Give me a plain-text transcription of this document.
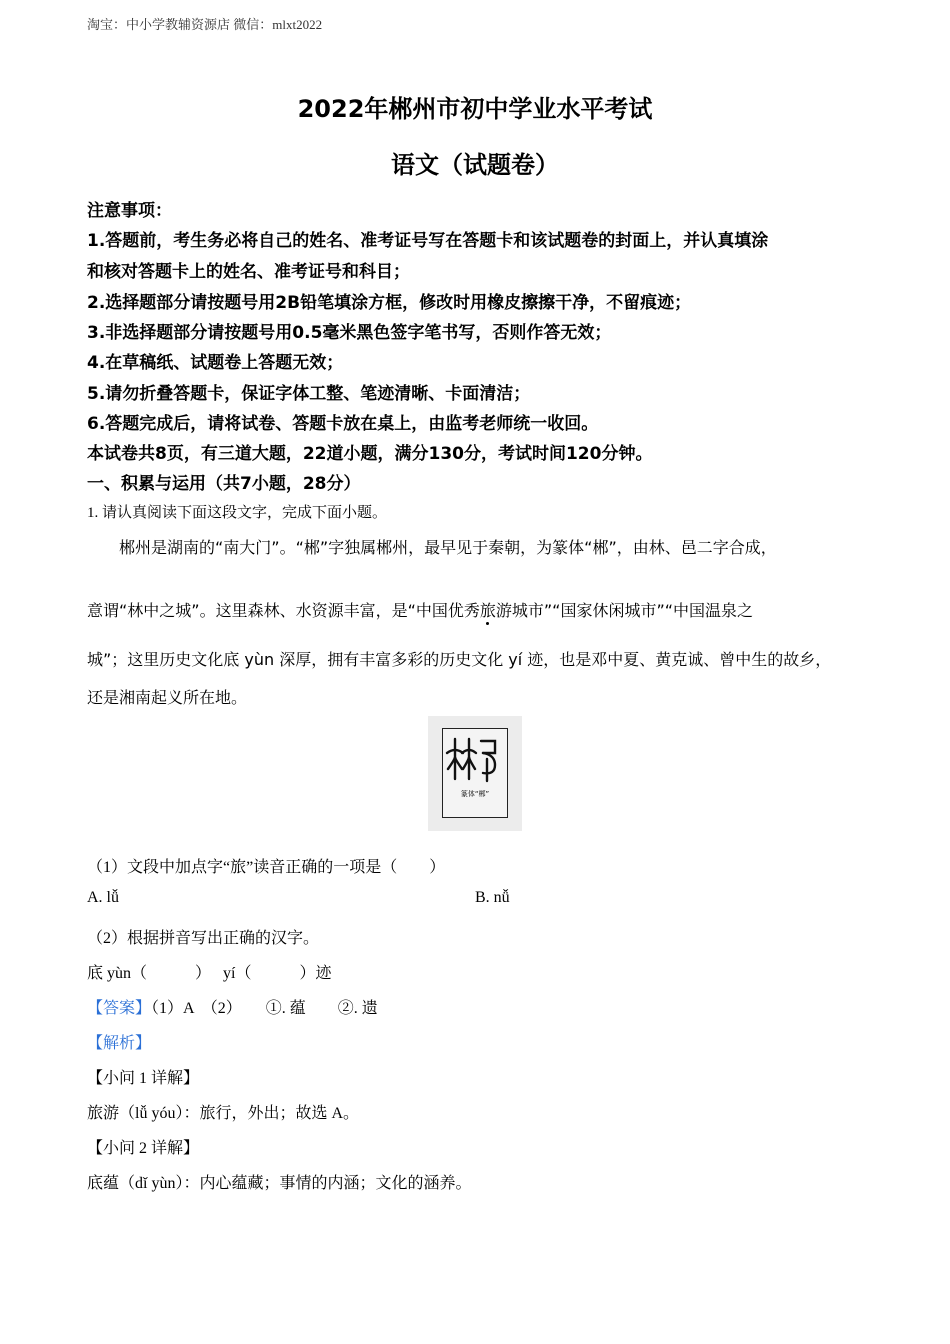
淘宝：中小学教辅资源店 微信：mlxt2022
2022年郴州市初中学业水平考试
语文（试题卷）
注意事项：
1.答题前，考生务必将自己的姓名、准考证号写在答题卡和该试题卷的封面上，并认真填涂
和核对答题卡上的姓名、准考证号和科目；
2.选择题部分请按题号用2B铅笔填涂方框，修改时用橡皮擦擦干净，不留痕迹；
3.非选择题部分请按题号用0.5毫米黑色签字笔书写，否则作答无效；
4.在草稿纸、试题卷上答题无效；
5.请勿折叠答题卡，保证字体工整、笔迹清晰、卡面清洁；
6.答题完成后，请将试卷、答题卡放在桌上，由监考老师统一收回。
本试卷共8页，有三道大题，22道小题，满分130分，考试时间120分钟。
一、积累与运用（共7小题，28分）
1. 请认真阅读下面这段文字，完成下面小题。
郴州是湖南的“南大门”。“郴”字独属郴州，最早见于秦朝，为篆体“郴”，由林、邑二字合成，
意谓“林中之城”。这里森林、水资源丰富，是“中国优秀旅游城市”“国家休闲城市”“中国温泉之
城”；这里历史文化底 yùn 深厚，拥有丰富多彩的历史文化 yí 迹，也是邓中夏、黄克诚、曾中生的故乡，
还是湘南起义所在地。
篆体“郴”
（1）文段中加点字“旅”读音正确的一项是（　　）
A. lǚ	B. nǚ
（2）根据拼音写出正确的汉字。
底 yùn（　　　）　 yí（　　　）迹
【答案】（1）A　（2）　　①. 蕴　　②. 遗
【解析】
【小问 1 详解】
旅游（lǚ yóu）：旅行，外出；故选 A。
【小问 2 详解】
底蕴（dǐ yùn）：内心蕴藏；事情的内涵；文化的涵养。
